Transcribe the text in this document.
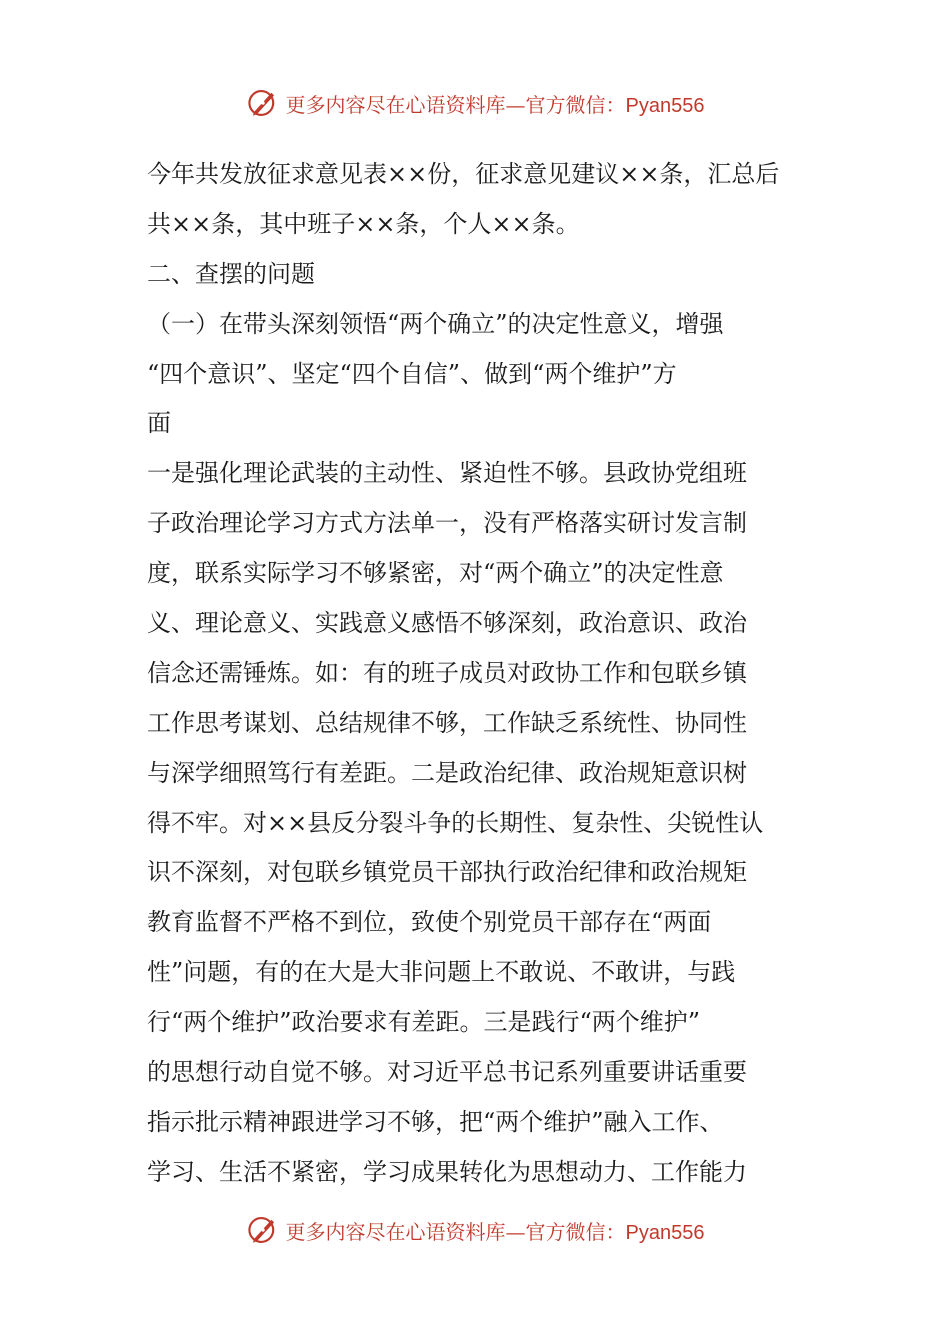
更多内容尽在心语资料库—官方微信：Pyan556
今年共发放征求意见表××份，征求意见建议××条，汇总后
共××条，其中班子××条，个人××条。
二、查摆的问题
（一）在带头深刻领悟“两个确立”的决定性意义，增强
“四个意识”、坚定“四个自信”、做到“两个维护”方
面
一是强化理论武装的主动性、紧迫性不够。县政协党组班
子政治理论学习方式方法单一，没有严格落实研讨发言制
度，联系实际学习不够紧密，对“两个确立”的决定性意
义、理论意义、实践意义感悟不够深刻，政治意识、政治
信念还需锤炼。如：有的班子成员对政协工作和包联乡镇
工作思考谋划、总结规律不够，工作缺乏系统性、协同性
与深学细照笃行有差距。二是政治纪律、政治规矩意识树
得不牢。对××县反分裂斗争的长期性、复杂性、尖锐性认
识不深刻，对包联乡镇党员干部执行政治纪律和政治规矩
教育监督不严格不到位，致使个别党员干部存在“两面
性”问题，有的在大是大非问题上不敢说、不敢讲，与践
行“两个维护”政治要求有差距。三是践行“两个维护”
的思想行动自觉不够。对习近平总书记系列重要讲话重要
指示批示精神跟进学习不够，把“两个维护”融入工作、
学习、生活不紧密，学习成果转化为思想动力、工作能力
更多内容尽在心语资料库—官方微信：Pyan556
